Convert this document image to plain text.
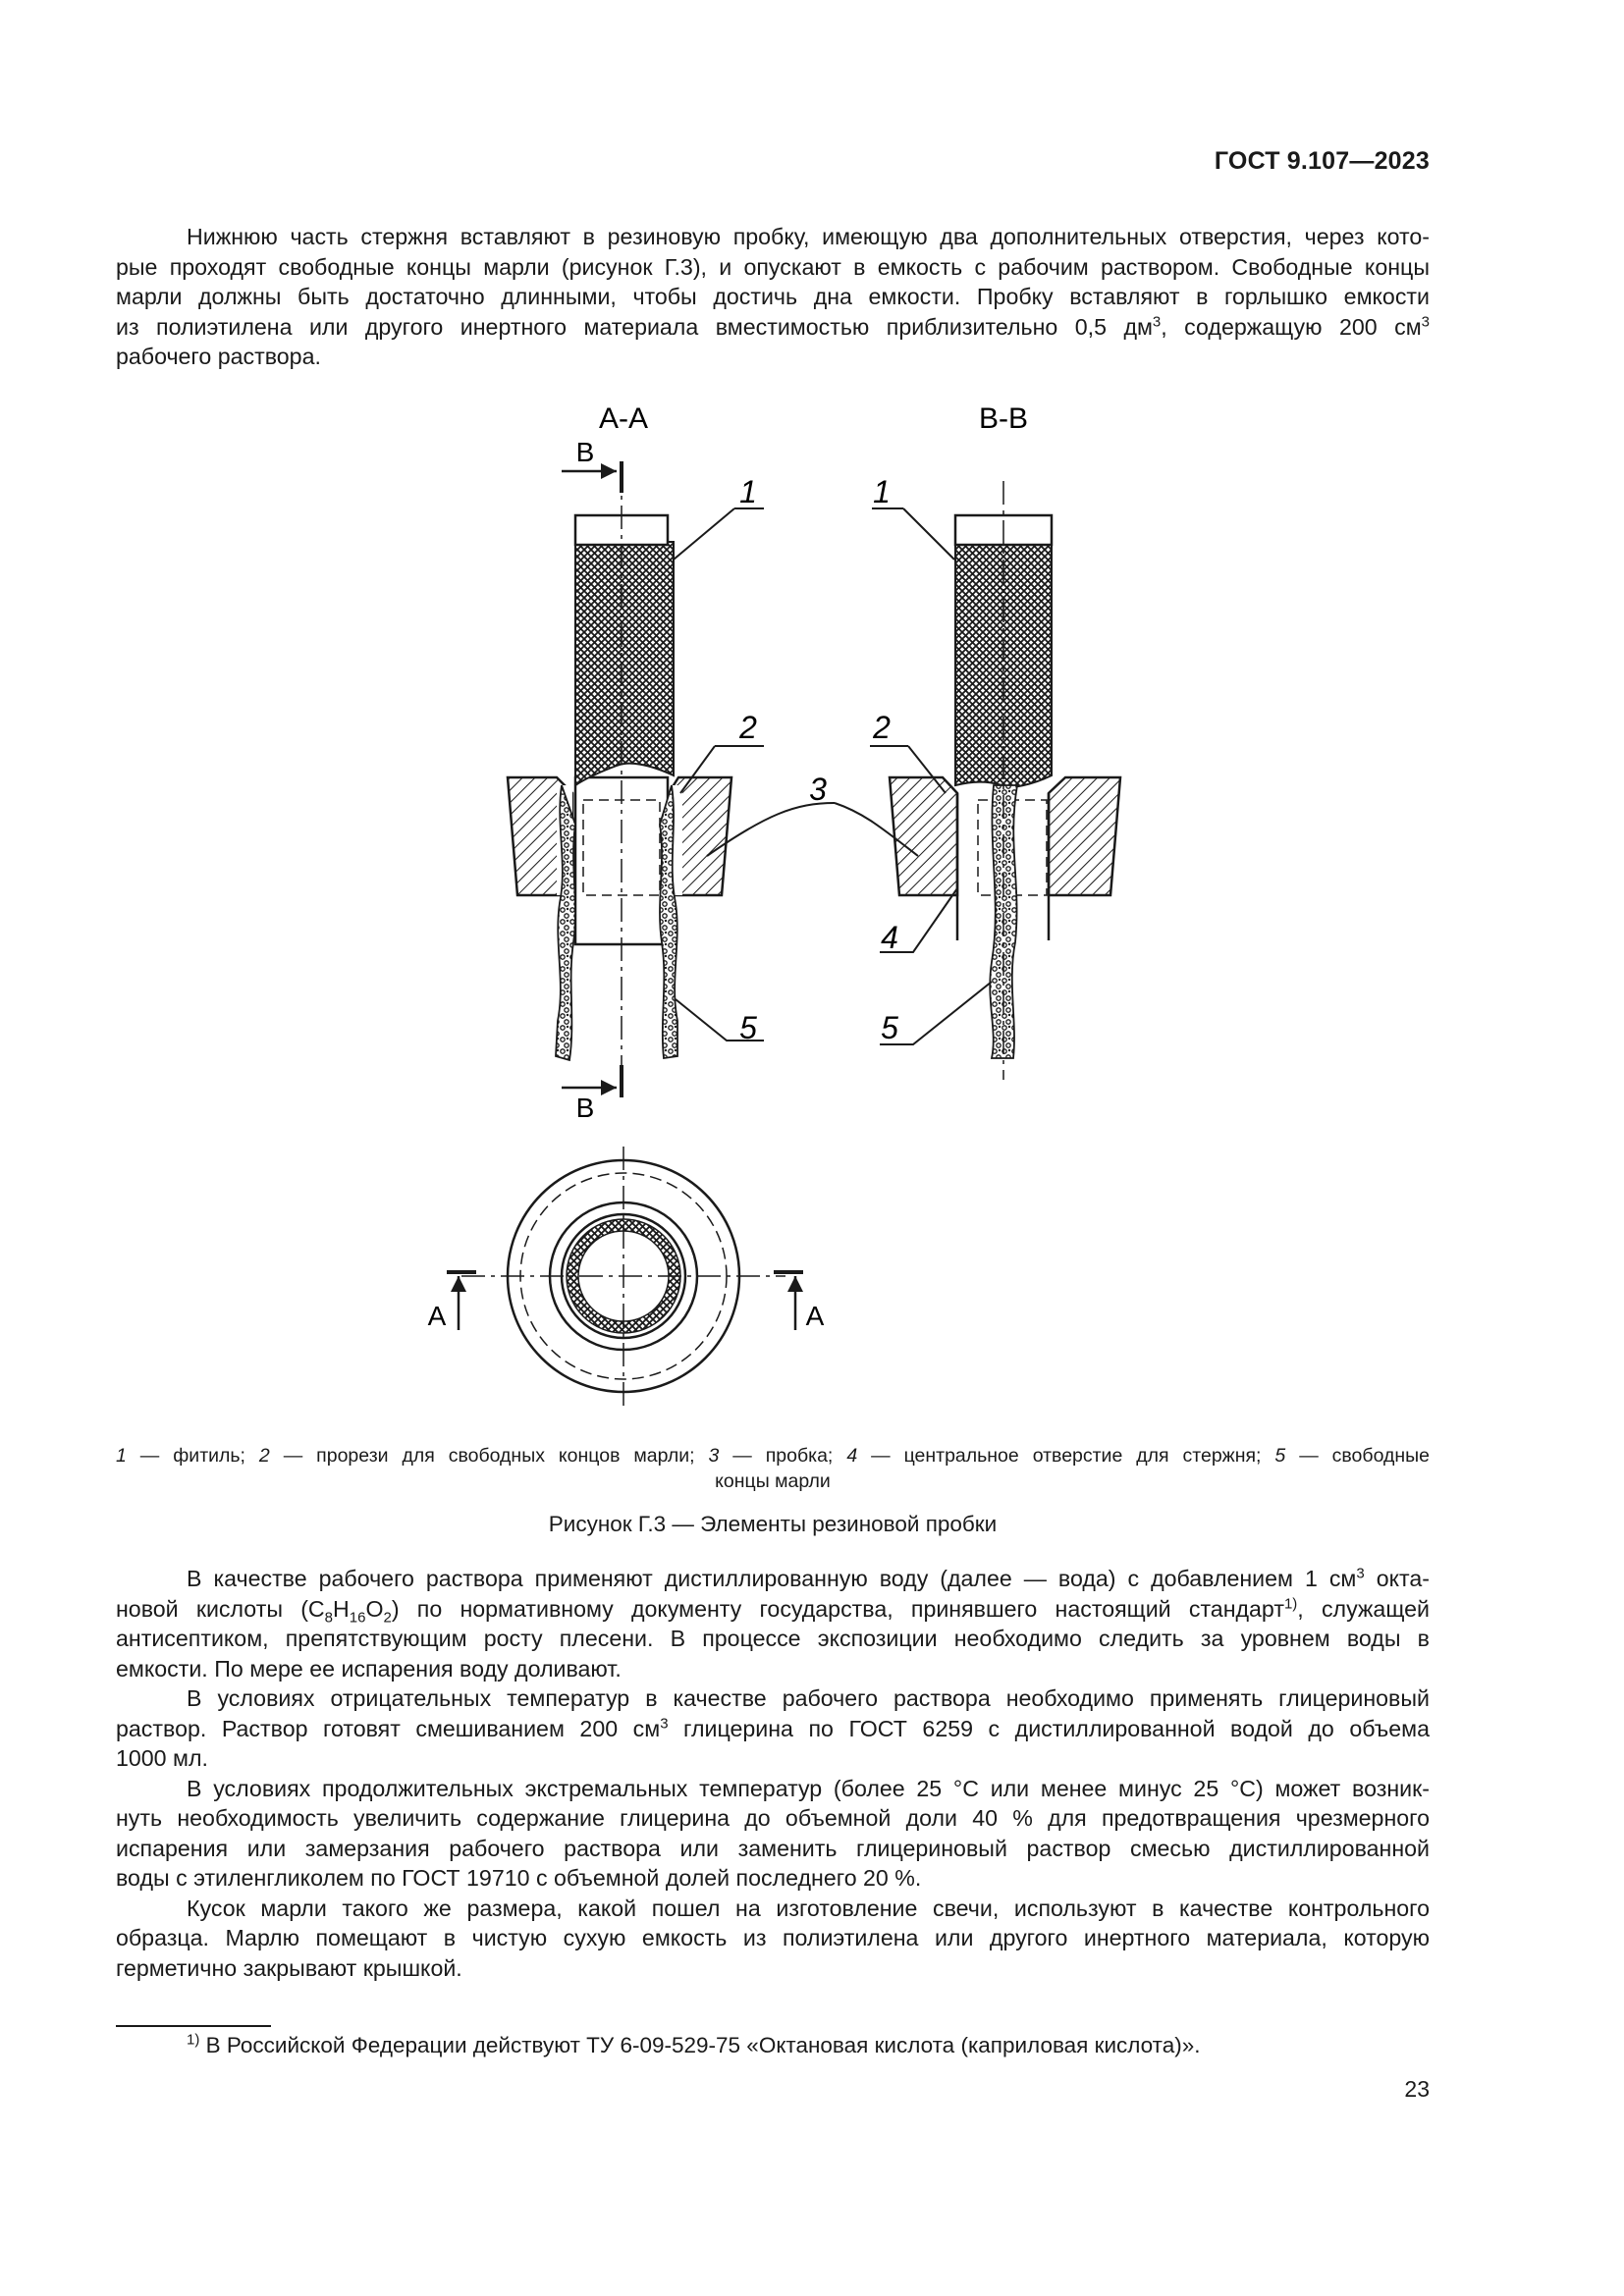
ГОСТ 9.107—2023

Нижнюю часть стержня вставляют в резиновую пробку, имеющую два дополнительных отверстия, через кото-

рые проходят свободные концы марли (рисунок Г.3), и опускают в емкость с рабочим раствором. Свободные концы
марли должны быть достаточно длинными, чтобы достичь дна емкости. Пробку вставляют в горлышко емкости
из полиэтилена или другого инертного материала вместимостью приблизительно 0,5 $дм^3$, содержащую 200 $см^3$
рабочего раствора.

А-А	В-В
В
В
1
2
3
5
1
2
4
5
А	А
1 — фитиль; 2 — прорези для свободных концов марли; 3 — пробка; 4 — центральное отверстие для стержня; 5 — свободные
концы марли
Рисунок Г.3 — Элементы резиновой пробки

В качестве рабочего раствора применяют дистиллированную воду (далее — вода) с добавлением 1 $см^3$ окта-

новой кислоты $(C_8H_{16}O_2)$ по нормативному документу государства, принявшего настоящий стандарт$^{1)}$, служащей
антисептиком, препятствующим росту плесени. В процессе экспозиции необходимо следить за уровнем воды в
емкости. По мере ее испарения воду доливают.

В условиях отрицательных температур в качестве рабочего раствора необходимо применять глицериновый

раствор. Раствор готовят смешиванием 200 $см^3$ глицерина по ГОСТ 6259 с дистиллированной водой до объема
1000 мл.

В условиях продолжительных экстремальных температур (более 25 °C или менее минус 25 °C) может возник-

нуть необходимость увеличить содержание глицерина до объемной доли 40 % для предотвращения чрезмерного
испарения или замерзания рабочего раствора или заменить глицериновый раствор смесью дистиллированной
воды с этиленгликолем по ГОСТ 19710 с объемной долей последнего 20 %.

Кусок марли такого же размера, какой пошел на изготовление свечи, используют в качестве контрольного

образца. Марлю помещают в чистую сухую емкость из полиэтилена или другого инертного материала, которую
герметично закрывают крышкой.

$^{1)}$ В Российской Федерации действуют ТУ 6-09-529-75 «Октановая кислота (каприловая кислота)».
23
